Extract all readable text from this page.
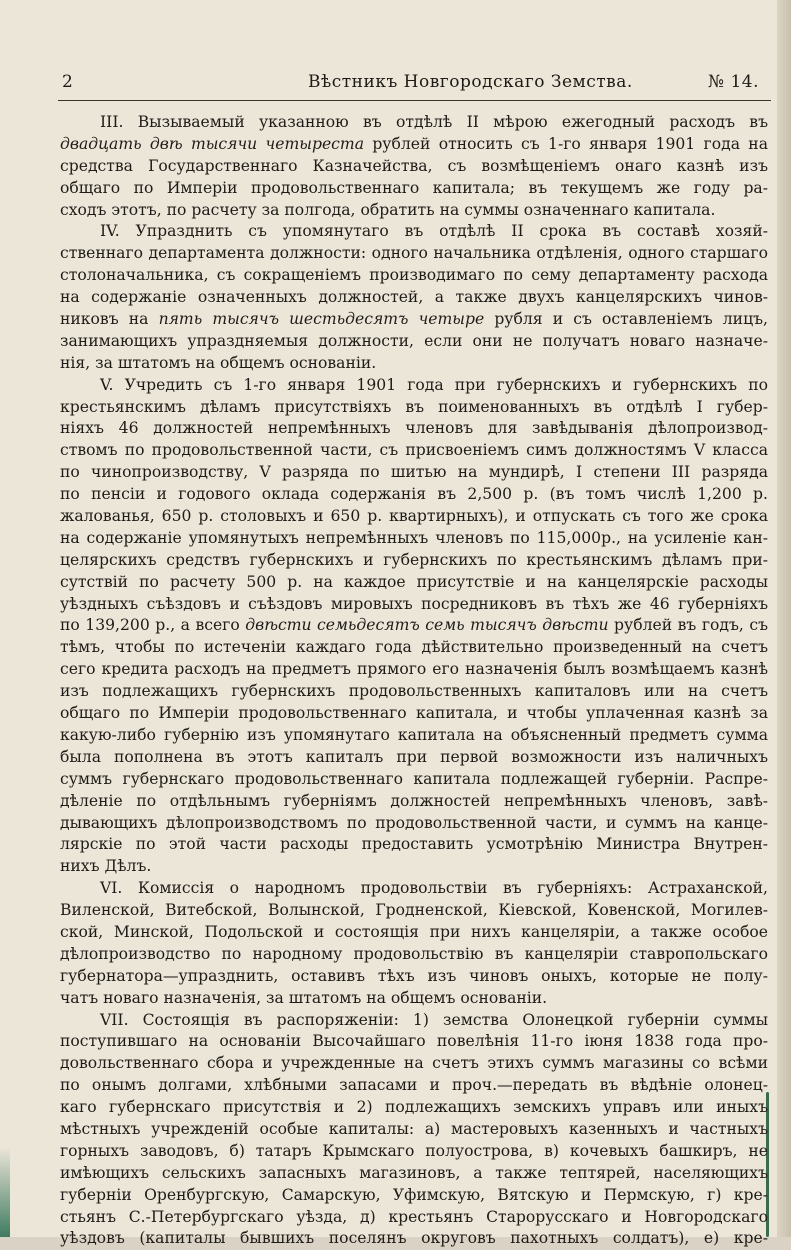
2	Вѣстникъ Новгородскаго Земства.	№ 14.
III. Вызываемый указанною въ отдѣлѣ II мѣрою ежегодный расходъ въ
двадцать двѣ тысячи четыреста рублей относить съ 1-го января 1901 года на
средства Государственнаго Казначейства, съ возмѣщеніемъ онаго казнѣ изъ
общаго по Имперіи продовольственнаго капитала; въ текущемъ же году ра-
сходъ этотъ, по расчету за полгода, обратить на суммы означеннаго капитала.
IV. Упразднить съ упомянутаго въ отдѣлѣ II срока въ составѣ хозяй-
ственнаго департамента должности: одного начальника отдѣленія, одного старшаго
столоначальника, съ сокращеніемъ производимаго по сему департаменту расхода
на содержаніе означенныхъ должностей, а также двухъ канцелярскихъ чинов-
никовъ на пять тысячъ шестьдесятъ четыре рубля и съ оставленіемъ лицъ,
занимающихъ упраздняемыя должности, если они не получатъ новаго назначе-
нія, за штатомъ на общемъ основаніи.
V. Учредить съ 1-го января 1901 года при губернскихъ и губернскихъ по
крестьянскимъ дѣламъ присутствіяхъ въ поименованныхъ въ отдѣлѣ I губер-
ніяхъ 46 должностей непремѣнныхъ членовъ для завѣдыванія дѣлопроизвод-
ствомъ по продовольственной части, съ присвоеніемъ симъ должностямъ V класса
по чинопроизводству, V разряда по шитью на мундирѣ, I степени III разряда
по пенсіи и годового оклада содержанія въ 2,500 р. (въ томъ числѣ 1,200 р.
жалованья, 650 р. столовыхъ и 650 р. квартирныхъ), и отпускать съ того же срока
на содержаніе упомянутыхъ непремѣнныхъ членовъ по 115,000р., на усиленіе кан-
целярскихъ средствъ губернскихъ и губернскихъ по крестьянскимъ дѣламъ при-
сутствій по расчету 500 р. на каждое присутствіе и на канцелярскіе расходы
уѣздныхъ съѣздовъ и съѣздовъ мировыхъ посредниковъ въ тѣхъ же 46 губерніяхъ
по 139,200 р., а всего двѣсти семьдесятъ семь тысячъ двѣсти рублей въ годъ, съ
тѣмъ, чтобы по истеченіи каждаго года дѣйствительно произведенный на счетъ
сего кредита расходъ на предметъ прямого его назначенія былъ возмѣщаемъ казнѣ
изъ подлежащихъ губернскихъ продовольственныхъ капиталовъ или на счетъ
общаго по Имперіи продовольственнаго капитала, и чтобы уплаченная казнѣ за
какую-либо губернію изъ упомянутаго капитала на объясненный предметъ сумма
была пополнена въ этотъ капиталъ при первой возможности изъ наличныхъ
суммъ губернскаго продовольственнаго капитала подлежащей губерніи. Распре-
дѣленіе по отдѣльнымъ губерніямъ должностей непремѣнныхъ членовъ, завѣ-
дывающихъ дѣлопроизводствомъ по продовольственной части, и суммъ на канце-
лярскіе по этой части расходы предоставить усмотрѣнію Министра Внутрен-
нихъ Дѣлъ.
VI. Комиссія о народномъ продовольствіи въ губерніяхъ: Астраханской,
Виленской, Витебской, Волынской, Гродненской, Кіевской, Ковенской, Могилев-
ской, Минской, Подольской и состоящія при нихъ канцеляріи, а также особое
дѣлопроизводство по народному продовольствію въ канцеляріи ставропольскаго
губернатора—упразднить, оставивъ тѣхъ изъ чиновъ оныхъ, которые не полу-
чатъ новаго назначенія, за штатомъ на общемъ основаніи.
VII. Состоящія въ распоряженіи: 1) земства Олонецкой губерніи суммы
поступившаго на основаніи Высочайшаго повелѣнія 11-го іюня 1838 года про-
довольственнаго сбора и учрежденные на счетъ этихъ суммъ магазины со всѣми
по онымъ долгами, хлѣбными запасами и проч.—передать въ вѣдѣніе олонец-
каго губернскаго присутствія и 2) подлежащихъ земскихъ управъ или иныхъ
мѣстныхъ учрежденій особые капиталы: а) мастеровыхъ казенныхъ и частныхъ
горныхъ заводовъ, б) татаръ Крымскаго полуострова, в) кочевыхъ башкиръ, не
имѣющихъ сельскихъ запасныхъ магазиновъ, а также тептярей, населяющихъ
губерніи Оренбургскую, Самарскую, Уфимскую, Вятскую и Пермскую, г) кре-
стьянъ С.-Петербургскаго уѣзда, д) крестьянъ Старорусскаго и Новгородскаго
уѣздовъ (капиталы бывшихъ поселянъ округовъ пахотныхъ солдатъ), е) кре-
